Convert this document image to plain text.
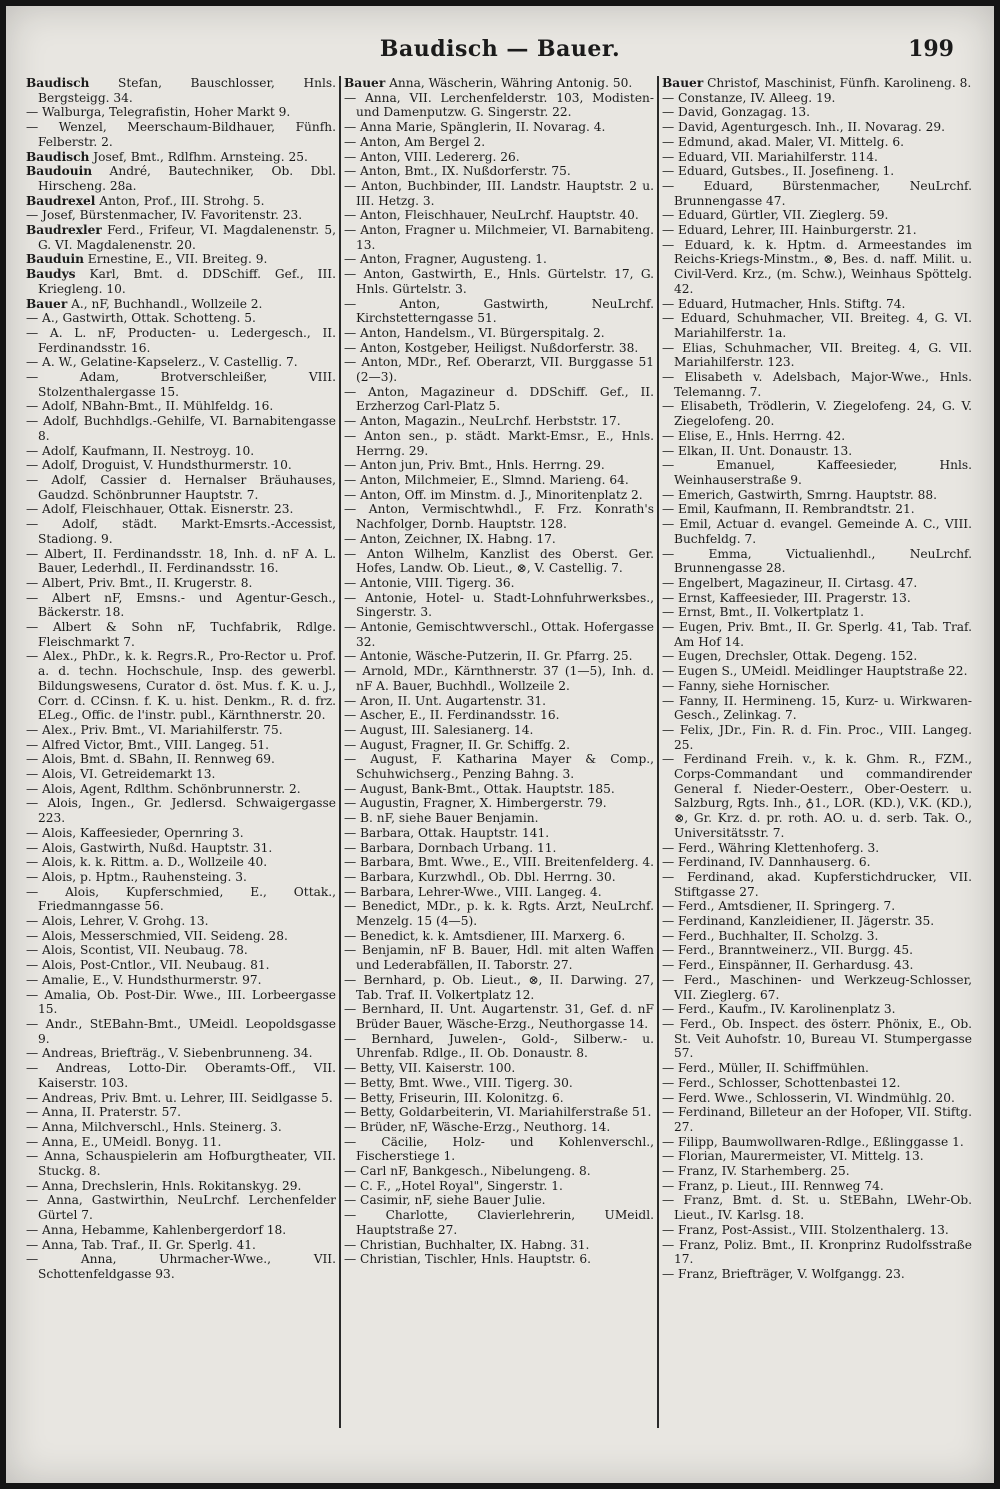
Baudisch — Bauer.	199

Baudisch Stefan, Bauschlosser, Hnls. Bergsteigg. 34.

— Walburga, Telegrafistin, Hoher Markt 9.

— Wenzel, Meerschaum-Bildhauer, Fünfh. Felberstr. 2.

Baudisch Josef, Bmt., Rdlfhm. Arnsteing. 25.

Baudouin André, Bautechniker, Ob. Dbl. Hirscheng. 28a.

Baudrexel Anton, Prof., III. Strohg. 5.

— Josef, Bürstenmacher, IV. Favoritenstr. 23.

Baudrexler Ferd., Frifeur, VI. Magdalenenstr. 5, G. VI. Magdalenenstr. 20.

Bauduin Ernestine, E., VII. Breiteg. 9.

Baudys Karl, Bmt. d. DDSchiff. Gef., III. Kriegleng. 10.

Bauer A., nF, Buchhandl., Wollzeile 2.

— A., Gastwirth, Ottak. Schotteng. 5.

— A. L. nF, Producten- u. Ledergesch., II. Ferdinandsstr. 16.

— A. W., Gelatine-Kapselerz., V. Castellig. 7.

— Adam, Brotverschleißer, VIII. Stolzenthalergasse 15.

— Adolf, NBahn-Bmt., II. Mühlfeldg. 16.

— Adolf, Buchhdlgs.-Gehilfe, VI. Barnabitengasse 8.

— Adolf, Kaufmann, II. Nestroyg. 10.

— Adolf, Droguist, V. Hundsthurmerstr. 10.

— Adolf, Cassier d. Hernalser Bräuhauses, Gaudzd. Schönbrunner Hauptstr. 7.

— Adolf, Fleischhauer, Ottak. Eisnerstr. 23.

— Adolf, städt. Markt-Emsrts.-Accessist, Stadiong. 9.

— Albert, II. Ferdinandsstr. 18, Inh. d. nF A. L. Bauer, Lederhdl., II. Ferdinandsstr. 16.

— Albert, Priv. Bmt., II. Krugerstr. 8.

— Albert nF, Emsns.- und Agentur-Gesch., Bäckerstr. 18.

— Albert & Sohn nF, Tuchfabrik, Rdlge. Fleischmarkt 7.

— Alex., PhDr., k. k. Regrs.R., Pro-Rector u. Prof. a. d. techn. Hochschule, Insp. des gewerbl. Bildungswesens, Curator d. öst. Mus. f. K. u. J., Corr. d. CCinsn. f. K. u. hist. Denkm., R. d. frz. ELeg., Offic. de l'instr. publ., Kärnthnerstr. 20.

— Alex., Priv. Bmt., VI. Mariahilferstr. 75.

— Alfred Victor, Bmt., VIII. Langeg. 51.

— Alois, Bmt. d. SBahn, II. Rennweg 69.

— Alois, VI. Getreidemarkt 13.

— Alois, Agent, Rdlthm. Schönbrunnerstr. 2.

— Alois, Ingen., Gr. Jedlersd. Schwaigergasse 223.

— Alois, Kaffeesieder, Opernring 3.

— Alois, Gastwirth, Nußd. Hauptstr. 31.

— Alois, k. k. Rittm. a. D., Wollzeile 40.

— Alois, p. Hptm., Rauhensteing. 3.

— Alois, Kupferschmied, E., Ottak., Friedmanngasse 56.

— Alois, Lehrer, V. Grohg. 13.

— Alois, Messerschmied, VII. Seideng. 28.

— Alois, Scontist, VII. Neubaug. 78.

— Alois, Post-Cntlor., VII. Neubaug. 81.

— Amalie, E., V. Hundsthurmerstr. 97.

— Amalia, Ob. Post-Dir. Wwe., III. Lorbeergasse 15.

— Andr., StEBahn-Bmt., UMeidl. Leopoldsgasse 9.

— Andreas, Briefträg., V. Siebenbrunneng. 34.

— Andreas, Lotto-Dir. Oberamts-Off., VII. Kaiserstr. 103.

— Andreas, Priv. Bmt. u. Lehrer, III. Seidlgasse 5.

— Anna, II. Praterstr. 57.

— Anna, Milchverschl., Hnls. Steinerg. 3.

— Anna, E., UMeidl. Bonyg. 11.

— Anna, Schauspielerin am Hofburgtheater, VII. Stuckg. 8.

— Anna, Drechslerin, Hnls. Rokitanskyg. 29.

— Anna, Gastwirthin, NeuLrchf. Lerchenfelder Gürtel 7.

— Anna, Hebamme, Kahlenbergerdorf 18.

— Anna, Tab. Traf., II. Gr. Sperlg. 41.

— Anna, Uhrmacher-Wwe., VII. Schottenfeldgasse 93.

Bauer Anna, Wäscherin, Währing Antonig. 50.

— Anna, VII. Lerchenfelderstr. 103, Modisten- und Damenputzw. G. Singerstr. 22.

— Anna Marie, Spänglerin, II. Novarag. 4.

— Anton, Am Bergel 2.

— Anton, VIII. Ledererg. 26.

— Anton, Bmt., IX. Nußdorferstr. 75.

— Anton, Buchbinder, III. Landstr. Hauptstr. 2 u. III. Hetzg. 3.

— Anton, Fleischhauer, NeuLrchf. Hauptstr. 40.

— Anton, Fragner u. Milchmeier, VI. Barnabiteng. 13.

— Anton, Fragner, Augusteng. 1.

— Anton, Gastwirth, E., Hnls. Gürtelstr. 17, G. Hnls. Gürtelstr. 3.

— Anton, Gastwirth, NeuLrchf. Kirchstetterngasse 51.

— Anton, Handelsm., VI. Bürgerspitalg. 2.

— Anton, Kostgeber, Heiligst. Nußdorferstr. 38.

— Anton, MDr., Ref. Oberarzt, VII. Burggasse 51 (2—3).

— Anton, Magazineur d. DDSchiff. Gef., II. Erzherzog Carl-Platz 5.

— Anton, Magazin., NeuLrchf. Herbststr. 17.

— Anton sen., p. städt. Markt-Emsr., E., Hnls. Herrng. 29.

— Anton jun, Priv. Bmt., Hnls. Herrng. 29.

— Anton, Milchmeier, E., Slmnd. Marieng. 64.

— Anton, Off. im Minstm. d. J., Minoritenplatz 2.

— Anton, Vermischtwhdl., F. Frz. Konrath's Nachfolger, Dornb. Hauptstr. 128.

— Anton, Zeichner, IX. Habng. 17.

— Anton Wilhelm, Kanzlist des Oberst. Ger. Hofes, Landw. Ob. Lieut., ⊗, V. Castellig. 7.

— Antonie, VIII. Tigerg. 36.

— Antonie, Hotel- u. Stadt-Lohnfuhrwerksbes., Singerstr. 3.

— Antonie, Gemischtwverschl., Ottak. Hofergasse 32.

— Antonie, Wäsche-Putzerin, II. Gr. Pfarrg. 25.

— Arnold, MDr., Kärnthnerstr. 37 (1—5), Inh. d. nF A. Bauer, Buchhdl., Wollzeile 2.

— Aron, II. Unt. Augartenstr. 31.

— Ascher, E., II. Ferdinandsstr. 16.

— August, III. Salesianerg. 14.

— August, Fragner, II. Gr. Schiffg. 2.

— August, F. Katharina Mayer & Comp., Schuhwichserg., Penzing Bahng. 3.

— August, Bank-Bmt., Ottak. Hauptstr. 185.

— Augustin, Fragner, X. Himbergerstr. 79.

— B. nF, siehe Bauer Benjamin.

— Barbara, Ottak. Hauptstr. 141.

— Barbara, Dornbach Urbang. 11.

— Barbara, Bmt. Wwe., E., VIII. Breitenfelderg. 4.

— Barbara, Kurzwhdl., Ob. Dbl. Herrng. 30.

— Barbara, Lehrer-Wwe., VIII. Langeg. 4.

— Benedict, MDr., p. k. k. Rgts. Arzt, NeuLrchf. Menzelg. 15 (4—5).

— Benedict, k. k. Amtsdiener, III. Marxerg. 6.

— Benjamin, nF B. Bauer, Hdl. mit alten Waffen und Lederabfällen, II. Taborstr. 27.

— Bernhard, p. Ob. Lieut., ⊗, II. Darwing. 27, Tab. Traf. II. Volkertplatz 12.

— Bernhard, II. Unt. Augartenstr. 31, Gef. d. nF Brüder Bauer, Wäsche-Erzg., Neuthorgasse 14.

— Bernhard, Juwelen-, Gold-, Silberw.- u. Uhrenfab. Rdlge., II. Ob. Donaustr. 8.

— Betty, VII. Kaiserstr. 100.

— Betty, Bmt. Wwe., VIII. Tigerg. 30.

— Betty, Friseurin, III. Kolonitzg. 6.

— Betty, Goldarbeiterin, VI. Mariahilferstraße 51.

— Brüder, nF, Wäsche-Erzg., Neuthorg. 14.

— Cäcilie, Holz- und Kohlenverschl., Fischerstiege 1.

— Carl nF, Bankgesch., Nibelungeng. 8.

— C. F., „Hotel Royal", Singerstr. 1.

— Casimir, nF, siehe Bauer Julie.

— Charlotte, Clavierlehrerin, UMeidl. Hauptstraße 27.

— Christian, Buchhalter, IX. Habng. 31.

— Christian, Tischler, Hnls. Hauptstr. 6.

Bauer Christof, Maschinist, Fünfh. Karolineng. 8.

— Constanze, IV. Alleeg. 19.

— David, Gonzagag. 13.

— David, Agenturgesch. Inh., II. Novarag. 29.

— Edmund, akad. Maler, VI. Mittelg. 6.

— Eduard, VII. Mariahilferstr. 114.

— Eduard, Gutsbes., II. Josefineng. 1.

— Eduard, Bürstenmacher, NeuLrchf. Brunnengasse 47.

— Eduard, Gürtler, VII. Zieglerg. 59.

— Eduard, Lehrer, III. Hainburgerstr. 21.

— Eduard, k. k. Hptm. d. Armeestandes im Reichs-Kriegs-Minstm., ⊗, Bes. d. naff. Milit. u. Civil-Verd. Krz., (m. Schw.), Weinhaus Spöttelg. 42.

— Eduard, Hutmacher, Hnls. Stiftg. 74.

— Eduard, Schuhmacher, VII. Breiteg. 4, G. VI. Mariahilferstr. 1a.

— Elias, Schuhmacher, VII. Breiteg. 4, G. VII. Mariahilferstr. 123.

— Elisabeth v. Adelsbach, Major-Wwe., Hnls. Telemanng. 7.

— Elisabeth, Trödlerin, V. Ziegelofeng. 24, G. V. Ziegelofeng. 20.

— Elise, E., Hnls. Herrng. 42.

— Elkan, II. Unt. Donaustr. 13.

— Emanuel, Kaffeesieder, Hnls. Weinhauserstraße 9.

— Emerich, Gastwirth, Smrng. Hauptstr. 88.

— Emil, Kaufmann, II. Rembrandtstr. 21.

— Emil, Actuar d. evangel. Gemeinde A. C., VIII. Buchfeldg. 7.

— Emma, Victualienhdl., NeuLrchf. Brunnengasse 28.

— Engelbert, Magazineur, II. Cirtasg. 47.

— Ernst, Kaffeesieder, III. Pragerstr. 13.

— Ernst, Bmt., II. Volkertplatz 1.

— Eugen, Priv. Bmt., II. Gr. Sperlg. 41, Tab. Traf. Am Hof 14.

— Eugen, Drechsler, Ottak. Degeng. 152.

— Eugen S., UMeidl. Meidlinger Hauptstraße 22.

— Fanny, siehe Hornischer.

— Fanny, II. Hermineng. 15, Kurz- u. Wirkwaren-Gesch., Zelinkag. 7.

— Felix, JDr., Fin. R. d. Fin. Proc., VIII. Langeg. 25.

— Ferdinand Freih. v., k. k. Ghm. R., FZM., Corps-Commandant und commandirender General f. Nieder-Oesterr., Ober-Oesterr. u. Salzburg, Rgts. Inh., ♁1., LOR. (KD.), V.K. (KD.), ⊗, Gr. Krz. d. pr. roth. AO. u. d. serb. Tak. O., Universitätsstr. 7.

— Ferd., Währing Klettenhoferg. 3.

— Ferdinand, IV. Dannhauserg. 6.

— Ferdinand, akad. Kupferstichdrucker, VII. Stiftgasse 27.

— Ferd., Amtsdiener, II. Springerg. 7.

— Ferdinand, Kanzleidiener, II. Jägerstr. 35.

— Ferd., Buchhalter, II. Scholzg. 3.

— Ferd., Branntweinerz., VII. Burgg. 45.

— Ferd., Einspänner, II. Gerhardusg. 43.

— Ferd., Maschinen- und Werkzeug-Schlosser, VII. Zieglerg. 67.

— Ferd., Kaufm., IV. Karolinenplatz 3.

— Ferd., Ob. Inspect. des österr. Phönix, E., Ob. St. Veit Auhofstr. 10, Bureau VI. Stumpergasse 57.

— Ferd., Müller, II. Schiffmühlen.

— Ferd., Schlosser, Schottenbastei 12.

— Ferd. Wwe., Schlosserin, VI. Windmühlg. 20.

— Ferdinand, Billeteur an der Hofoper, VII. Stiftg. 27.

— Filipp, Baumwollwaren-Rdlge., Eßlinggasse 1.

— Florian, Maurermeister, VI. Mittelg. 13.

— Franz, IV. Starhemberg. 25.

— Franz, p. Lieut., III. Rennweg 74.

— Franz, Bmt. d. St. u. StEBahn, LWehr-Ob. Lieut., IV. Karlsg. 18.

— Franz, Post-Assist., VIII. Stolzenthalerg. 13.

— Franz, Poliz. Bmt., II. Kronprinz Rudolfsstraße 17.

— Franz, Briefträger, V. Wolfgangg. 23.
